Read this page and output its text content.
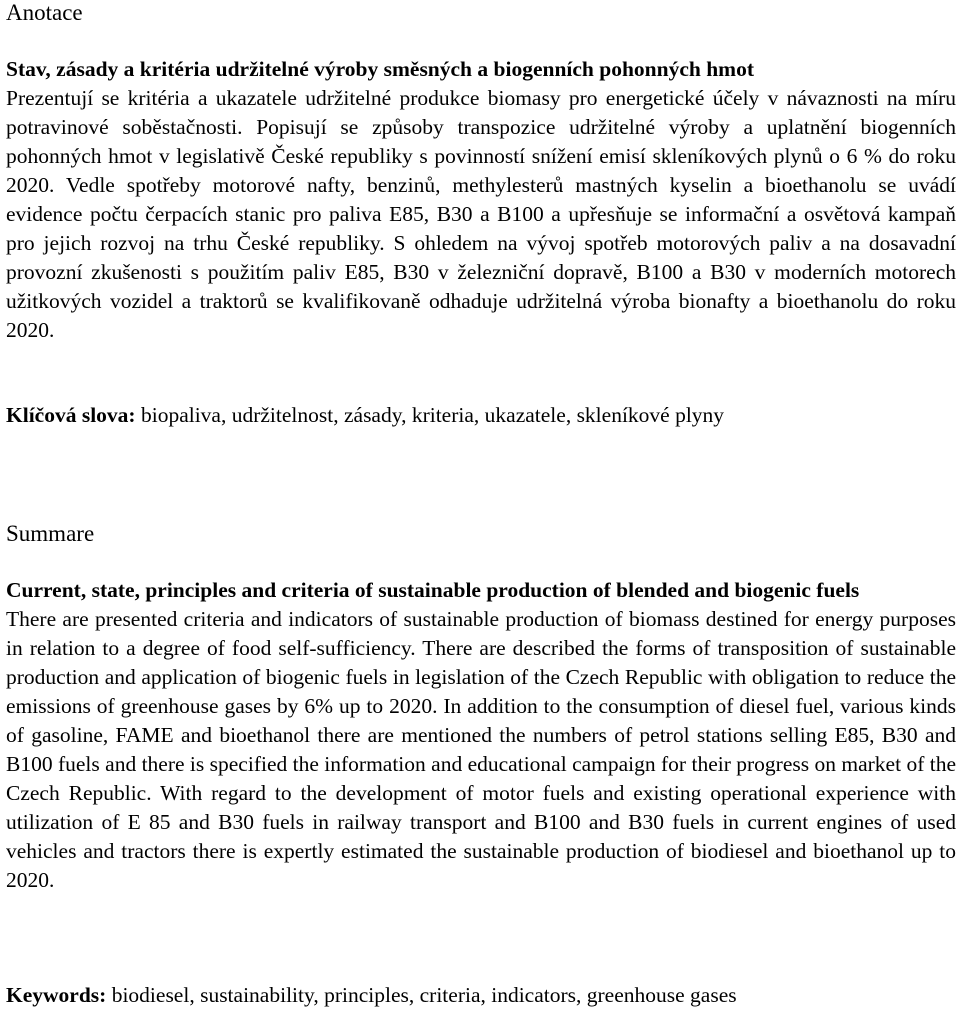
Anotace
Stav, zásady a kritéria udržitelné výroby směsných a biogenních pohonných hmot
Prezentují se kritéria a ukazatele udržitelné produkce biomasy pro energetické účely v návaznosti na míru potravinové soběstačnosti. Popisují se způsoby transpozice udržitelné výroby a uplatnění biogenních pohonných hmot v legislativě České republiky s povinností snížení emisí skleníkových plynů o 6 % do roku 2020. Vedle spotřeby motorové nafty, benzinů, methylesterů mastných kyselin a bioethanolu se uvádí evidence počtu čerpacích stanic pro paliva E85, B30 a B100 a upřesňuje se informační a osvětová kampaň pro jejich rozvoj na trhu České republiky. S ohledem na vývoj spotřeb motorových paliv a na dosavadní provozní zkušenosti s použitím paliv E85, B30 v železniční dopravě, B100 a B30 v moderních motorech užitkových vozidel a traktorů se kvalifikovaně odhaduje udržitelná výroba bionafty a bioethanolu do roku 2020.
Klíčová slova: biopaliva, udržitelnost, zásady, kriteria, ukazatele, skleníkové plyny
Summare
Current, state, principles and criteria of sustainable production of blended and biogenic fuels
There are presented criteria and indicators of sustainable production of biomass destined for energy purposes in relation to a degree of food self-sufficiency. There are described the forms of transposition of sustainable production and application of biogenic fuels in legislation of the Czech Republic with obligation to reduce the emissions of greenhouse gases by 6% up to 2020. In addition to the consumption of diesel fuel, various kinds of gasoline, FAME and bioethanol there are mentioned the numbers of petrol stations selling E85, B30 and B100 fuels and there is specified the information and educational campaign for their progress on market of the Czech Republic. With regard to the development of motor fuels and existing operational experience with utilization of E 85 and B30 fuels in railway transport and B100 and B30 fuels in current engines of used vehicles and tractors there is expertly estimated the sustainable production of biodiesel and bioethanol up to 2020.
Keywords: biodiesel, sustainability, principles, criteria, indicators, greenhouse gases
